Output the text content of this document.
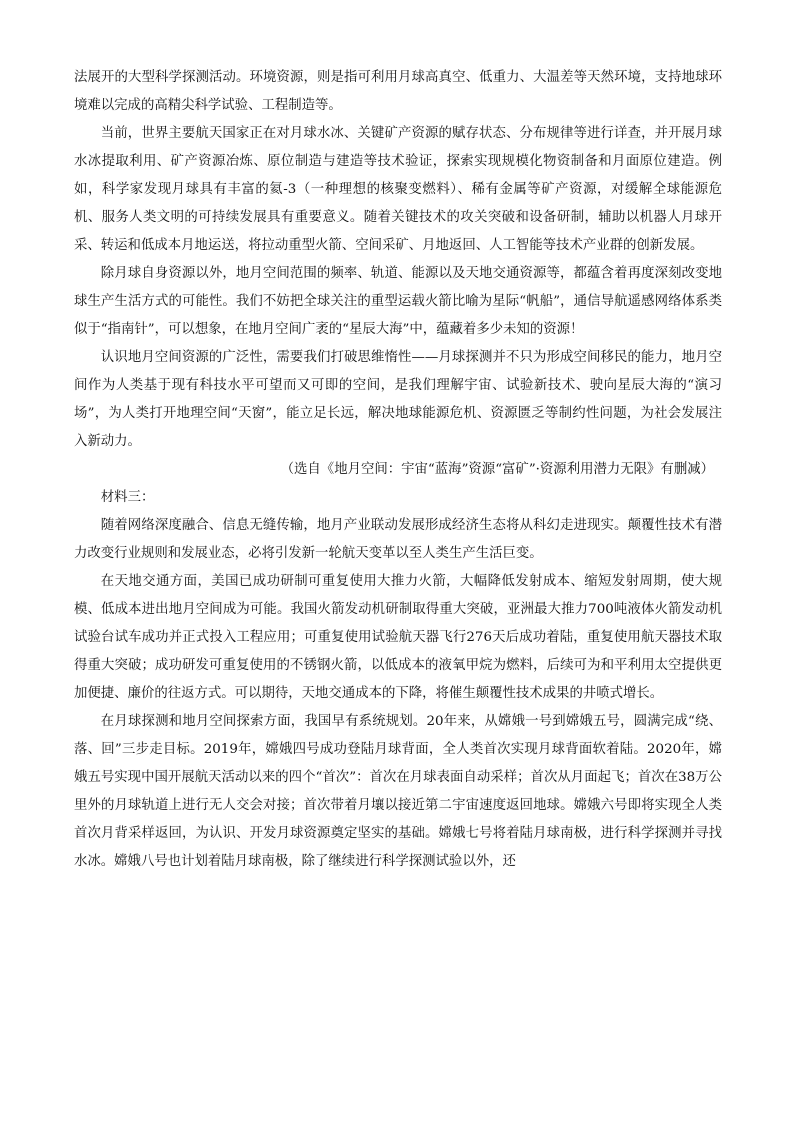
法展开的大型科学探测活动。环境资源，则是指可利用月球高真空、低重力、大温差等天然环境，支持地球环境难以完成的高精尖科学试验、工程制造等。

当前，世界主要航天国家正在对月球水冰、关键矿产资源的赋存状态、分布规律等进行详查，并开展月球水冰提取利用、矿产资源冶炼、原位制造与建造等技术验证，探索实现规模化物资制备和月面原位建造。例如，科学家发现月球具有丰富的氦-3（一种理想的核聚变燃料）、稀有金属等矿产资源，对缓解全球能源危机、服务人类文明的可持续发展具有重要意义。随着关键技术的攻关突破和设备研制，辅助以机器人月球开采、转运和低成本月地运送，将拉动重型火箭、空间采矿、月地返回、人工智能等技术产业群的创新发展。

除月球自身资源以外，地月空间范围的频率、轨道、能源以及天地交通资源等，都蕴含着再度深刻改变地球生产生活方式的可能性。我们不妨把全球关注的重型运载火箭比喻为星际“帆船”，通信导航遥感网络体系类似于“指南针”，可以想象，在地月空间广袤的“星辰大海”中，蕴藏着多少未知的资源！

认识地月空间资源的广泛性，需要我们打破思维惰性——月球探测并不只为形成空间移民的能力，地月空间作为人类基于现有科技水平可望而又可即的空间，是我们理解宇宙、试验新技术、驶向星辰大海的“演习场”，为人类打开地理空间“天窗”，能立足长远，解决地球能源危机、资源匮乏等制约性问题，为社会发展注入新动力。

（选自《地月空间：宇宙“蓝海”资源“富矿”·资源利用潜力无限》有删减）

材料三：

随着网络深度融合、信息无缝传输，地月产业联动发展形成经济生态将从科幻走进现实。颠覆性技术有潜力改变行业规则和发展业态，必将引发新一轮航天变革以至人类生产生活巨变。

在天地交通方面，美国已成功研制可重复使用大推力火箭，大幅降低发射成本、缩短发射周期，使大规模、低成本进出地月空间成为可能。我国火箭发动机研制取得重大突破，亚洲最大推力700吨液体火箭发动机试验台试车成功并正式投入工程应用；可重复使用试验航天器飞行276天后成功着陆，重复使用航天器技术取得重大突破；成功研发可重复使用的不锈钢火箭，以低成本的液氧甲烷为燃料，后续可为和平利用太空提供更加便捷、廉价的往返方式。可以期待，天地交通成本的下降，将催生颠覆性技术成果的井喷式增长。

在月球探测和地月空间探索方面，我国早有系统规划。20年来，从嫦娥一号到嫦娥五号，圆满完成“绕、落、回”三步走目标。2019年，嫦娥四号成功登陆月球背面，全人类首次实现月球背面软着陆。2020年，嫦娥五号实现中国开展航天活动以来的四个“首次”：首次在月球表面自动采样；首次从月面起飞；首次在38万公里外的月球轨道上进行无人交会对接；首次带着月壤以接近第二宇宙速度返回地球。嫦娥六号即将实现全人类首次月背采样返回，为认识、开发月球资源奠定坚实的基础。嫦娥七号将着陆月球南极，进行科学探测并寻找水冰。嫦娥八号也计划着陆月球南极，除了继续进行科学探测试验以外，还
